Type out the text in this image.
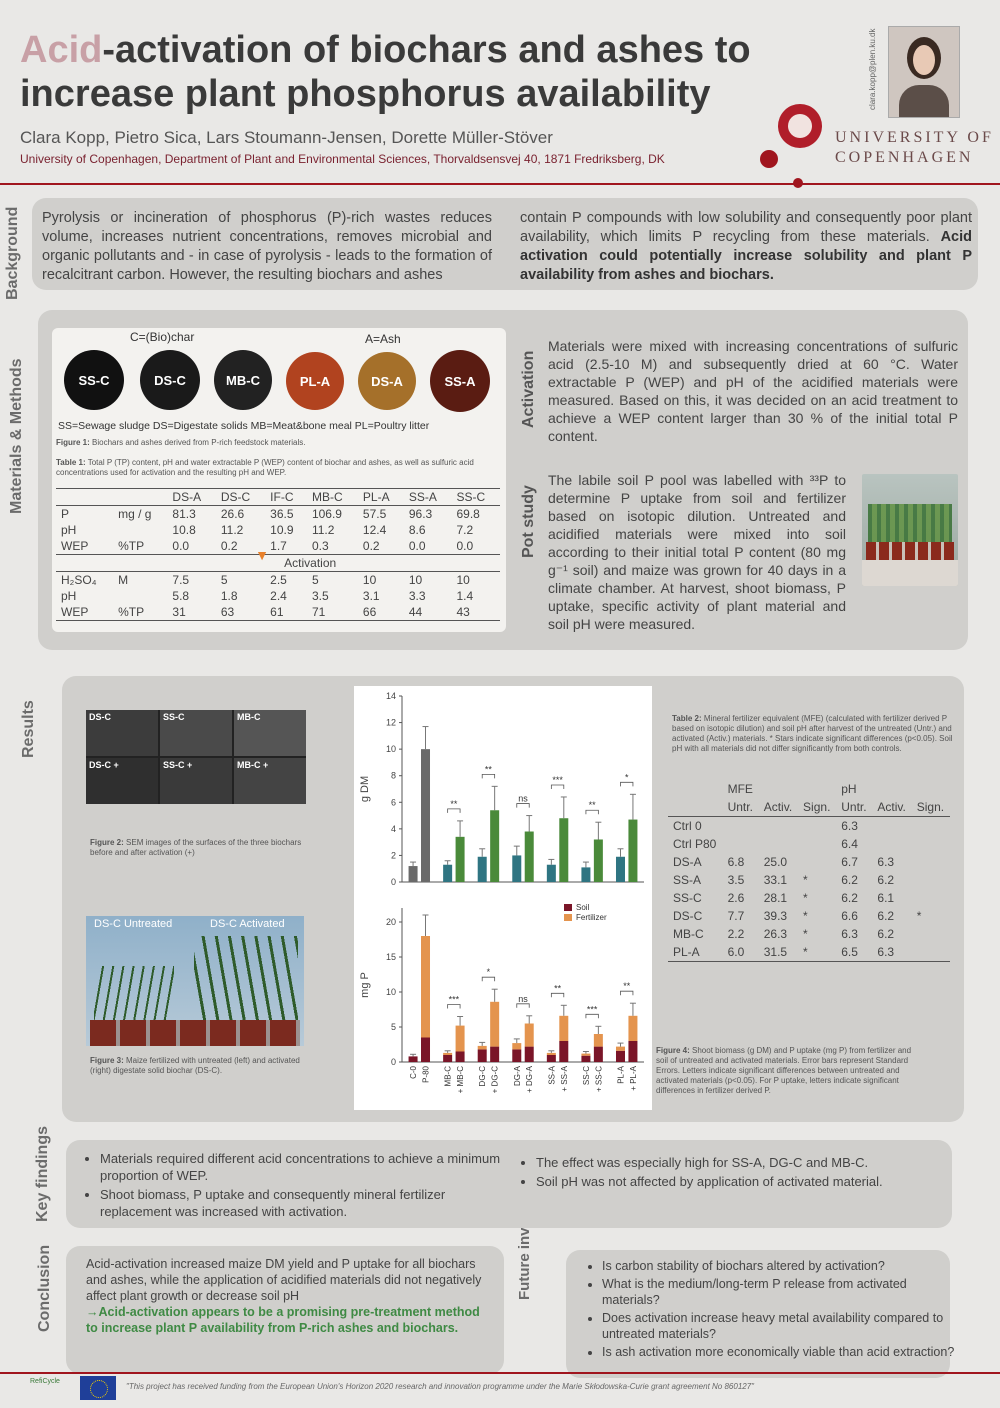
Acid-activation of biochars and ashes to
increase plant phosphorus availability
Clara Kopp, Pietro Sica, Lars Stoumann-Jensen, Dorette Müller-Stöver
University of Copenhagen, Department of Plant and Environmental Sciences, Thorvaldsensvej 40, 1871 Fredriksberg, DK
UNIVERSITY OF
COPENHAGEN
clara.kopp@plen.ku.dk
Background
Materials & Methods
Results
Key findings
Conclusion
Pyrolysis or incineration of phosphorus (P)-rich wastes reduces volume, increases nutrient concentrations, removes microbial and organic pollutants and - in case of pyrolysis - leads to the formation of recalcitrant carbon. However, the resulting biochars and ashes
contain P compounds with low solubility and consequently poor plant availability, which limits P recycling from these materials. Acid activation could potentially increase solubility and plant P availability from ashes and biochars.
C=(Bio)char	A=Ash
SS-C	DS-C	MB-C	PL-A	DS-A	SS-A
SS=Sewage sludge DS=Digestate solids MB=Meat&bone meal PL=Poultry litter
Figure 1: Biochars and ashes derived from P-rich feedstock materials.
Table 1: Total P (TP) content, pH and water extractable P (WEP) content of biochar and ashes, as well as sulfuric acid concentrations used for activation and the resulting pH and WEP.
		DS-A	DS-C	IF-C	MB-C	PL-A	SS-A	SS-C
P	mg / g	81.3	26.6	36.5	106.9	57.5	96.3	69.8
pH		10.8	11.2	10.9	11.2	12.4	8.6	7.2
WEP	%TP	0.0	0.2	1.7	0.3	0.2	0.0	0.0

				▼ Activation				
H₂SO₄	M	7.5	5	2.5	5	10	10	10
pH		5.8	1.8	2.4	3.5	3.1	3.3	1.4
WEP	%TP	31	63	61	71	66	44	43
Activation
Materials were mixed with increasing concentrations of sulfuric acid (2.5-10 M) and subsequently dried at 60 °C. Water extractable P (WEP) and pH of the acidified materials were measured. Based on this, it was decided on an acid treatment to achieve a WEP content larger than 30 % of the initial total P content.
Pot study
The labile soil P pool was labelled with ³³P to determine P uptake from soil and fertilizer based on isotopic dilution. Untreated and acidified materials were mixed into soil according to their initial total P content (80 mg g⁻¹ soil) and maize was grown for 40 days in a climate chamber. At harvest, shoot biomass, P uptake, specific activity of plant material and soil pH were measured.
DS-C	SS-C	MB-C
DS-C +	SS-C +	MB-C +
Figure 2: SEM images of the surfaces of the three biochars before and after activation (+)
DS-C Untreated	DS-C Activated
Figure 3: Maize fertilized with untreated (left) and activated (right) digestate solid biochar (DS-C).
0
2
4
6
8
10
12
14
g DM
**
**
ns
***
**
*
0
5
10
15
20
mg P
***
*
ns
**
***
**
Soil
Fertilizer
C-0 P-80 MB-C + MB-C DG-C + DG-C DG-A + DG-A SS-A + SS-A SS-C + SS-C PL-A + PL-A
Figure 4: Shoot biomass (g DM) and P uptake (mg P) from fertilizer and soil of untreated and activated materials. Error bars represent Standard Errors. Letters indicate significant differences between untreated and activated materials (p<0.05). For P uptake, letters indicate significant differences in fertilizer derived P.
Table 2: Mineral fertilizer equivalent (MFE) (calculated with fertilizer derived P based on isotopic dilution) and soil pH after harvest of the untreated (Untr.) and activated (Activ.) materials. * Stars indicate significant differences (p<0.05). Soil pH with all materials did not differ significantly from both controls.
	MFE			pH		
	Untr.	Activ.	Sign.	Untr.	Activ.	Sign.
Ctrl 0				6.3		
Ctrl P80				6.4		
DS-A	6.8	25.0		6.7	6.3	
SS-A	3.5	33.1	*	6.2	6.2	
SS-C	2.6	28.1	*	6.2	6.1	
DS-C	7.7	39.3	*	6.6	6.2	*
MB-C	2.2	26.3	*	6.3	6.2	
PL-A	6.0	31.5	*	6.5	6.3	
• Materials required different acid concentrations to achieve a minimum proportion of WEP.
• Shoot biomass, P uptake and consequently mineral fertilizer replacement was increased with activation.
• The effect was especially high for SS-A, DG-C and MB-C.
• Soil pH was not affected by application of activated material.
Acid-activation increased maize DM yield and P uptake for all biochars and ashes, while the application of acidified materials did not negatively affect plant growth or decrease soil pH
→Acid-activation appears to be a promising pre-treatment method to increase plant P availability from P-rich ashes and biochars.
• Is carbon stability of biochars altered by activation?
• What is the medium/long-term P release from activated materials?
• Does activation increase heavy metal availability compared to untreated materials?
• Is ash activation more economically viable than acid extraction?
RefiCycle
"This project has received funding from the European Union's Horizon 2020 research and innovation programme under the Marie Skłodowska-Curie grant agreement No 860127"
